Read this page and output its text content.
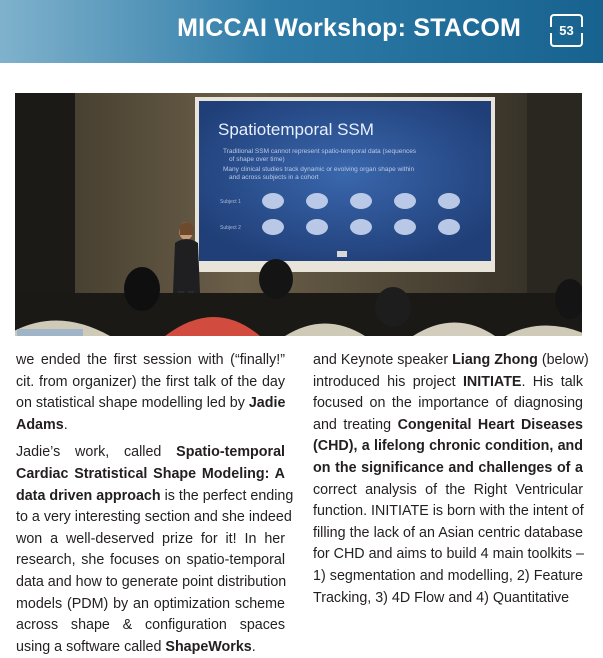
MICCAI Workshop: STACOM	53
Spatiotemporal SSM
Traditional SSM cannot represent spatio-temporal data (sequences
of shape over time)
Many clinical studies track dynamic or evolving organ shape within
and across subjects in a cohort
Subject 1
Subject 2

we ended the first session with (“finally!”
cit. from organizer) the first talk of the day
on statistical shape modelling led by Jadie
Adams.

Jadie’s work, called Spatio-temporal
Cardiac Stratistical Shape Modeling: A
data driven approach is the perfect ending
to a very interesting section and she indeed
won a well-deserved prize for it! In her
research, she focuses on spatio-temporal
data and how to generate point distribution
models (PDM) by an optimization scheme
across shape & configuration spaces
using a software called ShapeWorks.

and Keynote speaker Liang Zhong (below)
introduced his project INITIATE. His talk
focused on the importance of diagnosing
and treating Congenital Heart Diseases
(CHD), a lifelong chronic condition, and
on the significance and challenges of a
correct analysis of the Right Ventricular
function. INITIATE is born with the intent of
filling the lack of an Asian centric database
for CHD and aims to build 4 main toolkits –
1) segmentation and modelling, 2) Feature
Tracking, 3) 4D Flow and 4) Quantitative
